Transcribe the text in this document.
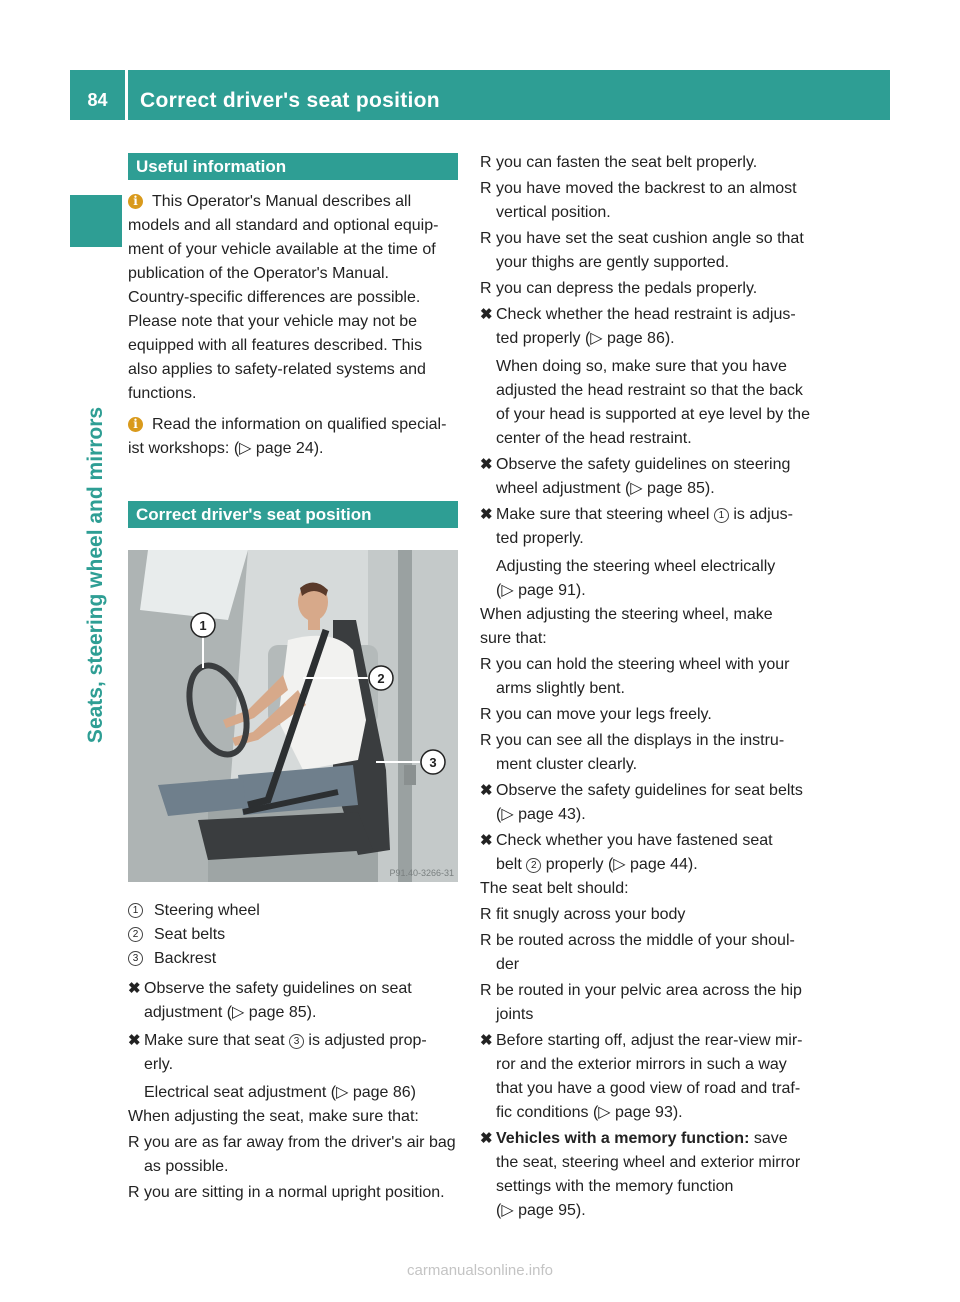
84	Correct driver's seat position
Seats, steering wheel and mirrors
Useful information
i This Operator's Manual describes all

models and all standard and optional equip-

ment of your vehicle available at the time of

publication of the Operator's Manual.

Country-specific differences are possible.

Please note that your vehicle may not be

equipped with all features described. This

also applies to safety-related systems and

functions.

i Read the information on qualified special-

ist workshops: (▷ page 24).

Correct driver's seat position
1
2
3
P91.40-3266-31
1 Steering wheel
2 Seat belts
3 Backrest
✖ Observe the safety guidelines on seat

adjustment (▷ page 85).

✖ Make sure that seat 3 is adjusted prop-

erly.

Electrical seat adjustment (▷ page 86)

When adjusting the seat, make sure that:

R you are as far away from the driver's air bag

as possible.

R you are sitting in a normal upright position.
R you can fasten the seat belt properly.
R you have moved the backrest to an almost

vertical position.

R you have set the seat cushion angle so that

your thighs are gently supported.

R you can depress the pedals properly.
✖ Check whether the head restraint is adjus-

ted properly (▷ page 86).

When doing so, make sure that you have

adjusted the head restraint so that the back

of your head is supported at eye level by the

center of the head restraint.

✖ Observe the safety guidelines on steering

wheel adjustment (▷ page 85).

✖ Make sure that steering wheel 1 is adjus-

ted properly.

Adjusting the steering wheel electrically

(▷ page 91).

When adjusting the steering wheel, make

sure that:

R you can hold the steering wheel with your

arms slightly bent.

R you can move your legs freely.
R you can see all the displays in the instru-

ment cluster clearly.

✖ Observe the safety guidelines for seat belts

(▷ page 43).

✖ Check whether you have fastened seat

belt 2 properly (▷ page 44).

The seat belt should:

R fit snugly across your body
R be routed across the middle of your shoul-

der

R be routed in your pelvic area across the hip

joints

✖ Before starting off, adjust the rear-view mir-

ror and the exterior mirrors in such a way

that you have a good view of road and traf-

fic conditions (▷ page 93).

✖ Vehicles with a memory function: save

the seat, steering wheel and exterior mirror

settings with the memory function

(▷ page 95).

carmanualsonline.info
